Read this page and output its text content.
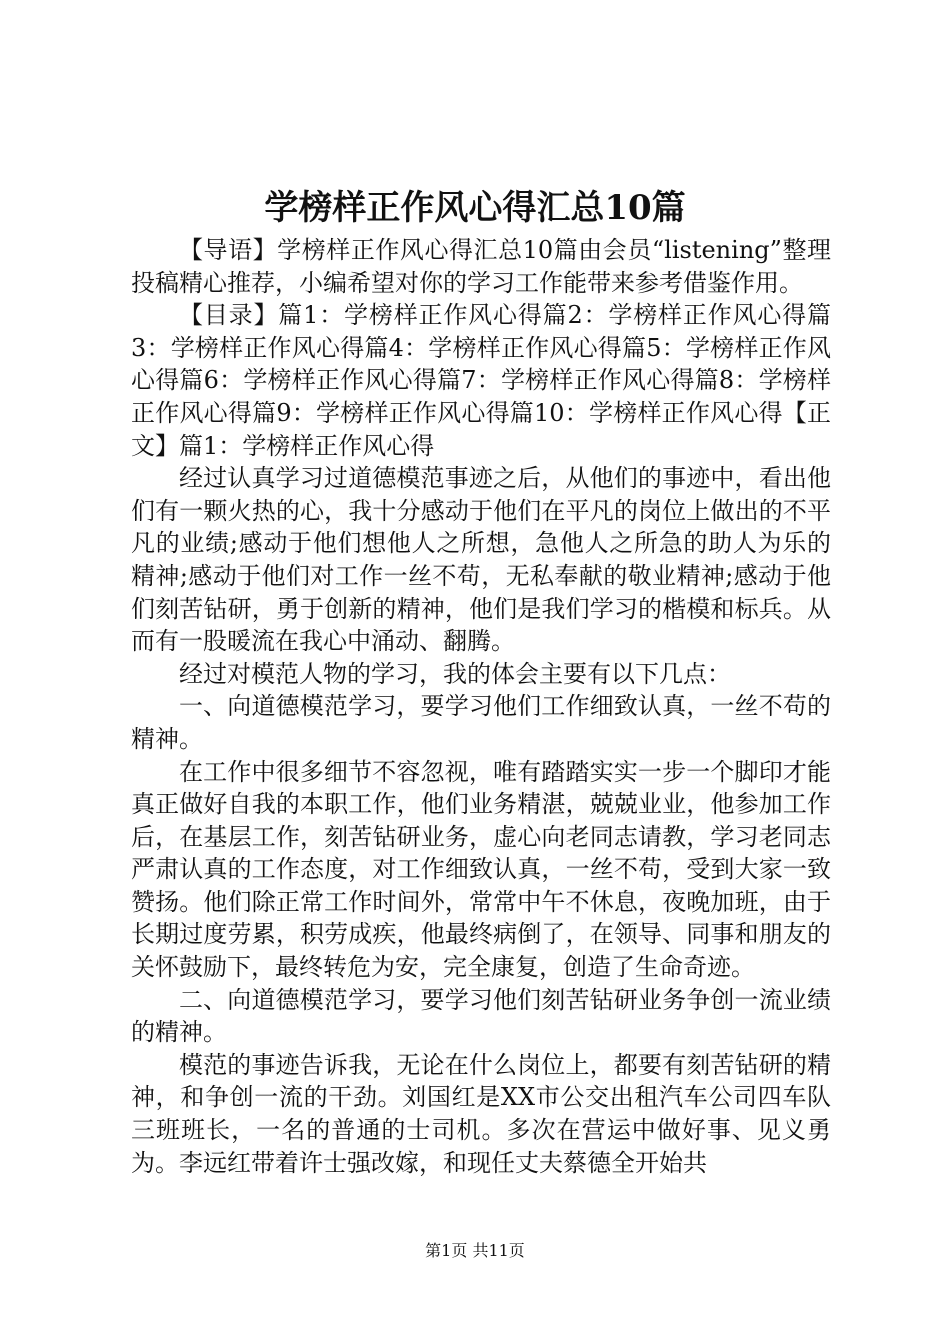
学榜样正作风心得汇总10篇

【导语】学榜样正作风心得汇总10篇由会员“listening”整理投稿精心推荐，小编希望对你的学习工作能带来参考借鉴作用。

【目录】篇1：学榜样正作风心得篇2：学榜样正作风心得篇3：学榜样正作风心得篇4：学榜样正作风心得篇5：学榜样正作风心得篇6：学榜样正作风心得篇7：学榜样正作风心得篇8：学榜样正作风心得篇9：学榜样正作风心得篇10：学榜样正作风心得【正文】篇1：学榜样正作风心得

经过认真学习过道德模范事迹之后，从他们的事迹中，看出他们有一颗火热的心，我十分感动于他们在平凡的岗位上做出的不平凡的业绩;感动于他们想他人之所想，急他人之所急的助人为乐的精神;感动于他们对工作一丝不苟，无私奉献的敬业精神;感动于他们刻苦钻研，勇于创新的精神，他们是我们学习的楷模和标兵。从而有一股暖流在我心中涌动、翻腾。

经过对模范人物的学习，我的体会主要有以下几点：

一、向道德模范学习，要学习他们工作细致认真，一丝不苟的精神。

在工作中很多细节不容忽视，唯有踏踏实实一步一个脚印才能真正做好自我的本职工作，他们业务精湛，兢兢业业，他参加工作后，在基层工作，刻苦钻研业务，虚心向老同志请教，学习老同志严肃认真的工作态度，对工作细致认真，一丝不苟，受到大家一致赞扬。他们除正常工作时间外，常常中午不休息，夜晚加班，由于长期过度劳累，积劳成疾，他最终病倒了，在领导、同事和朋友的关怀鼓励下，最终转危为安，完全康复，创造了生命奇迹。

二、向道德模范学习，要学习他们刻苦钻研业务争创一流业绩的精神。

模范的事迹告诉我，无论在什么岗位上，都要有刻苦钻研的精神，和争创一流的干劲。刘国红是XX市公交出租汽车公司四车队三班班长，一名的普通的士司机。多次在营运中做好事、见义勇为。李远红带着许士强改嫁，和现任丈夫蔡德全开始共

第1页 共11页
